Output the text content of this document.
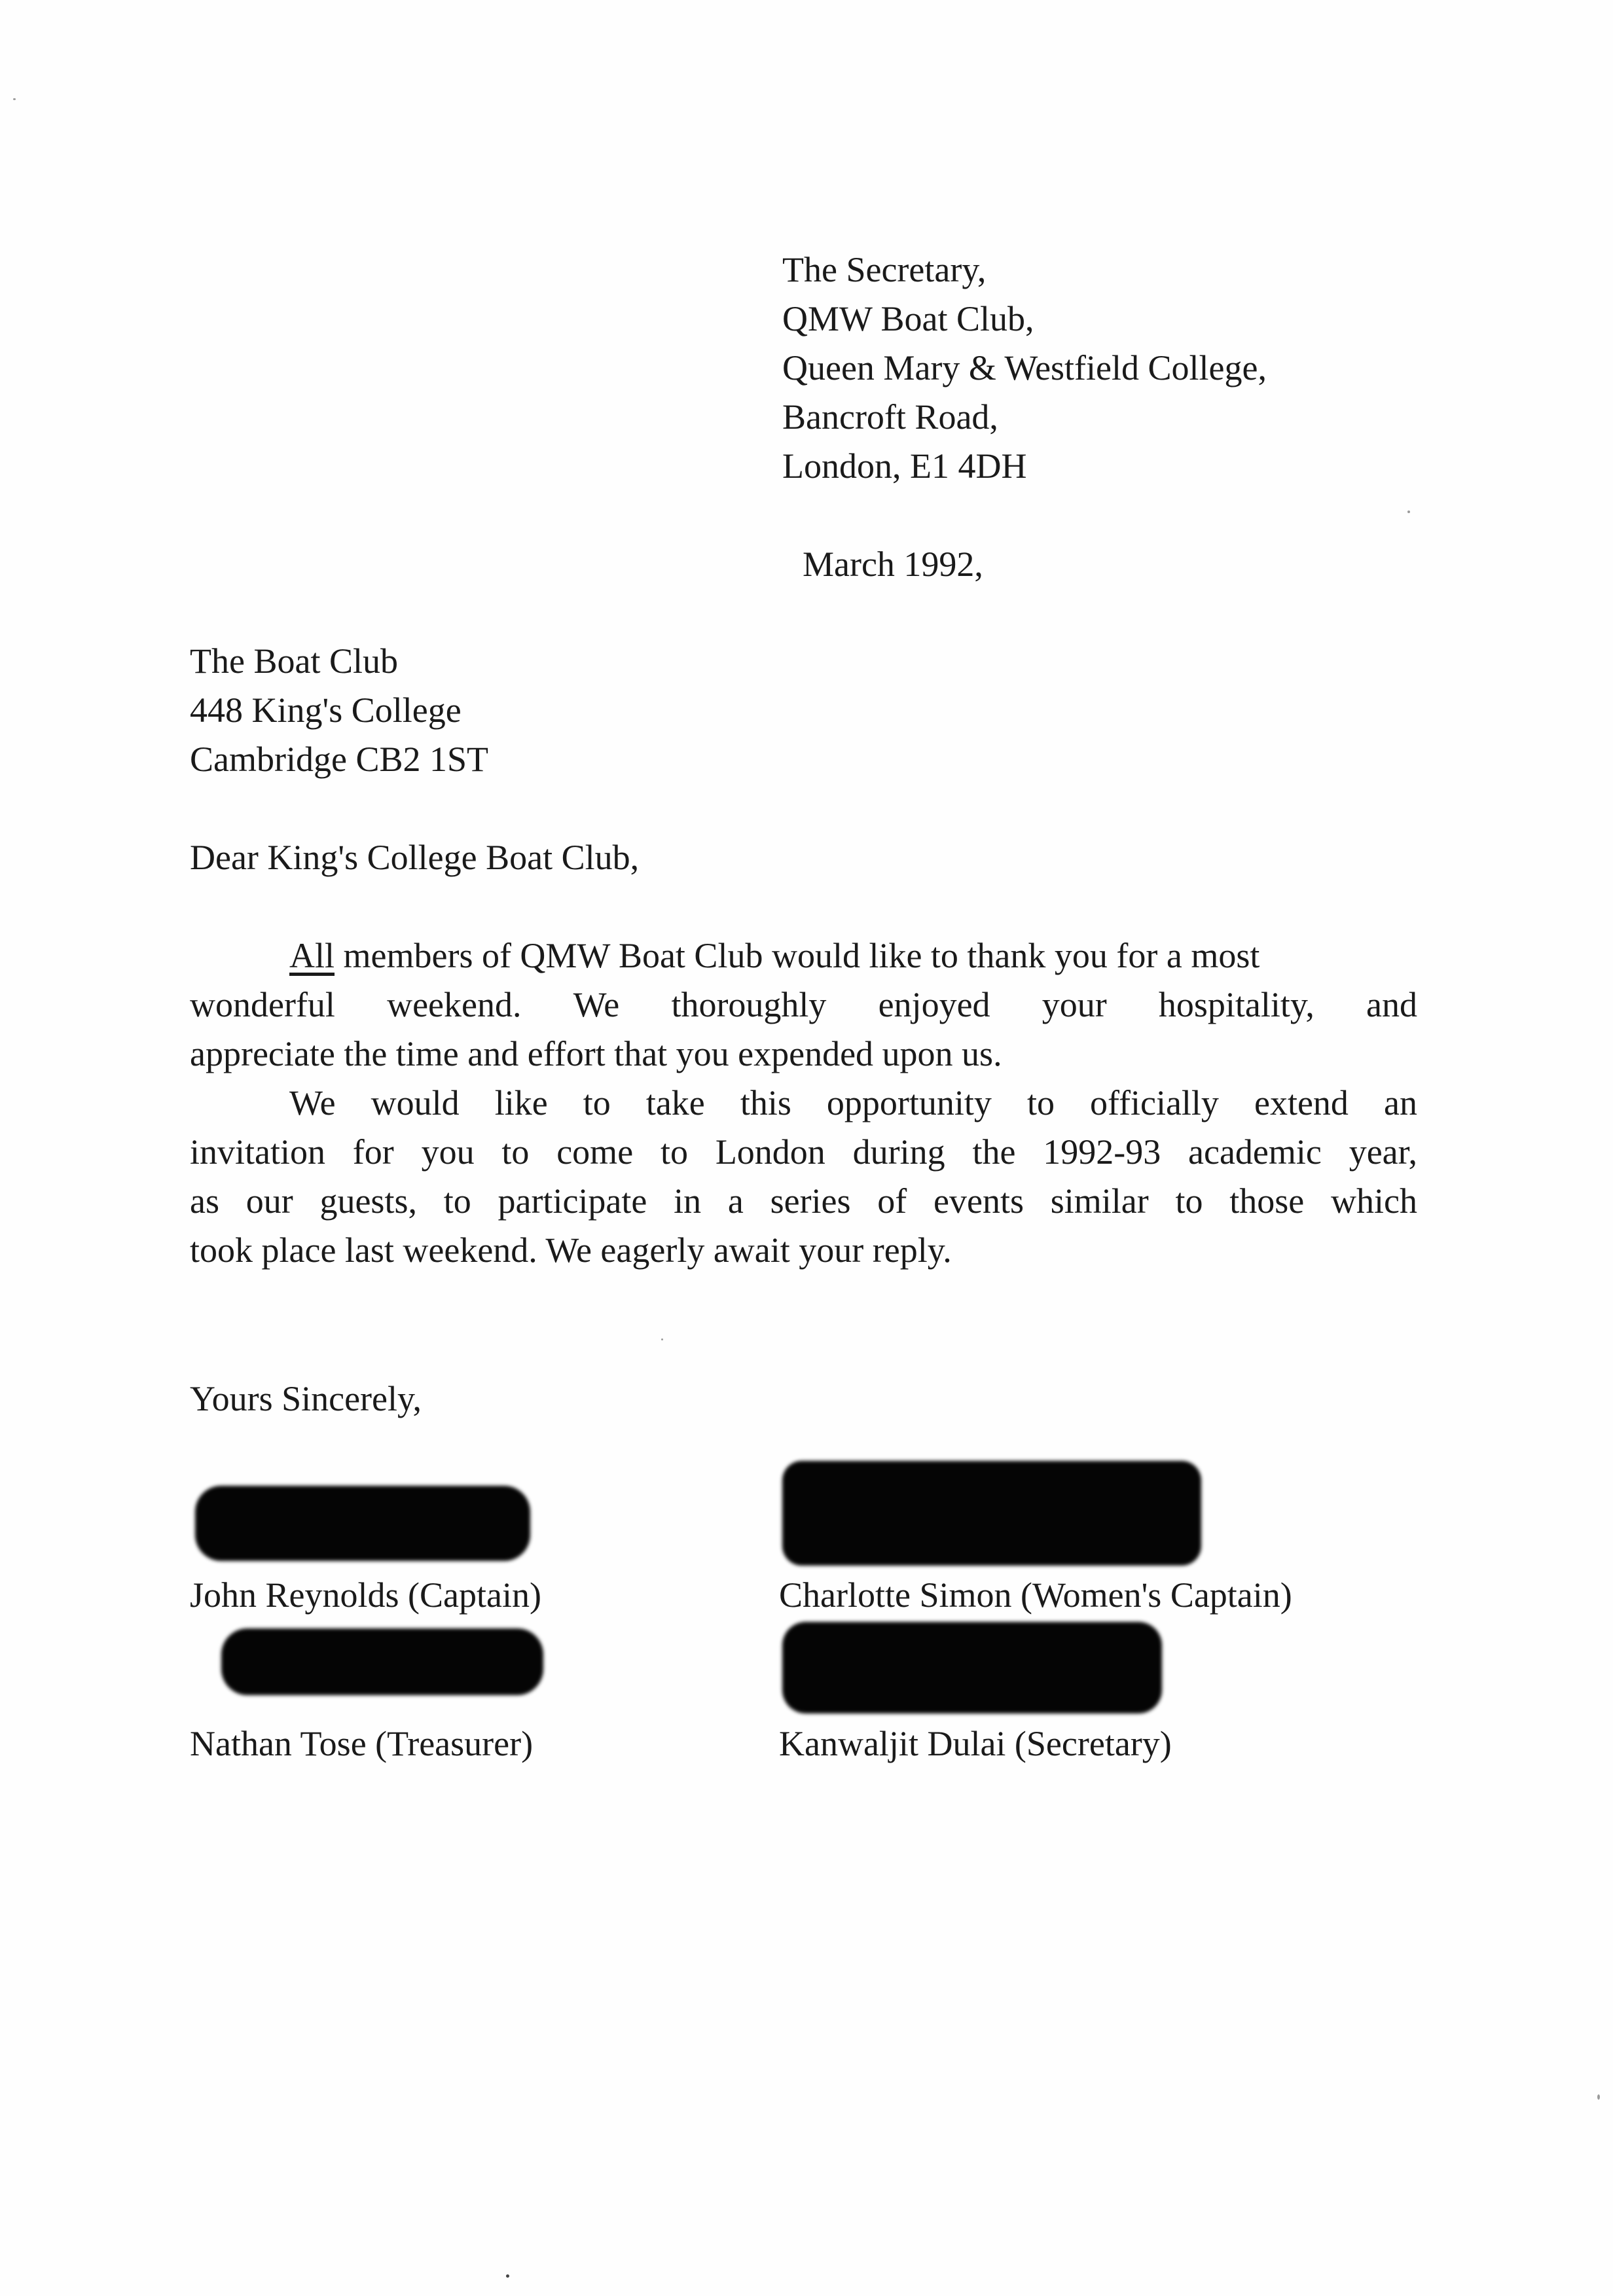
The Secretary,
QMW Boat Club,
Queen Mary & Westfield College,
Bancroft Road,
London, E1 4DH
March 1992,
The Boat Club
448 King's College
Cambridge CB2 1ST
Dear King's College Boat Club,
All members of QMW Boat Club would like to thank you for a most
wonderful weekend. We thoroughly enjoyed your hospitality, and
appreciate the time and effort that you expended upon us.
We would like to take this opportunity to officially extend an
invitation for you to come to London during the 1992-93 academic year,
as our guests, to participate in a series of events similar to those which
took place last weekend. We eagerly await your reply.
Yours Sincerely,
John Reynolds (Captain)	Charlotte Simon (Women's Captain)
Nathan Tose (Treasurer)	Kanwaljit Dulai (Secretary)
